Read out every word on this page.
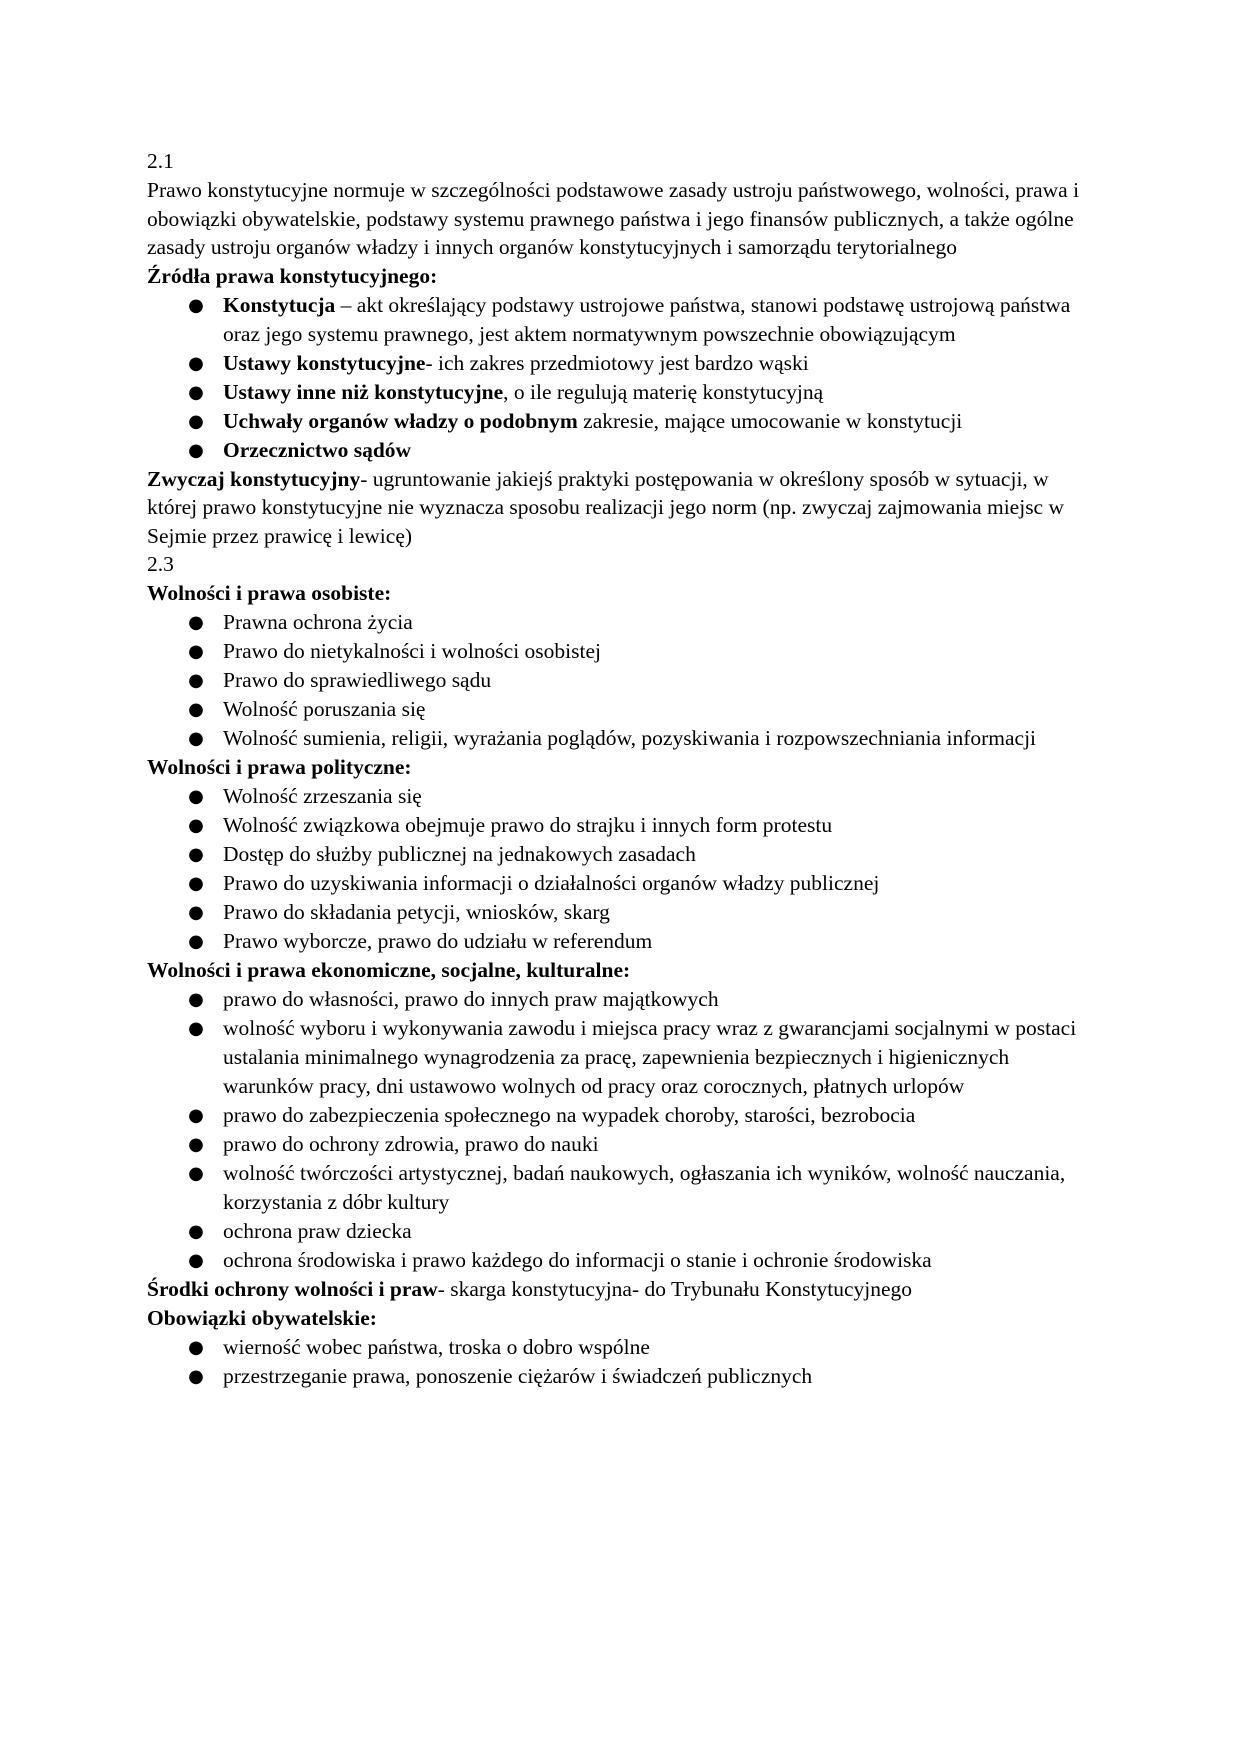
2.1

Prawo konstytucyjne normuje w szczególności podstawowe zasady ustroju państwowego, wolności, prawa i obowiązki obywatelskie, podstawy systemu prawnego państwa i jego finansów publicznych, a także ogólne zasady ustroju organów władzy i innych organów konstytucyjnych i samorządu terytorialnego

Źródła prawa konstytucyjnego:

● Konstytucja – akt określający podstawy ustrojowe państwa, stanowi podstawę ustrojową państwa oraz jego systemu prawnego, jest aktem normatywnym powszechnie obowiązującym
● Ustawy konstytucyjne- ich zakres przedmiotowy jest bardzo wąski
● Ustawy inne niż konstytucyjne, o ile regulują materię konstytucyjną
● Uchwały organów władzy o podobnym zakresie, mające umocowanie w konstytucji
● Orzecznictwo sądów

Zwyczaj konstytucyjny- ugruntowanie jakiejś praktyki postępowania w określony sposób w sytuacji, w której prawo konstytucyjne nie wyznacza sposobu realizacji jego norm (np. zwyczaj zajmowania miejsc w Sejmie przez prawicę i lewicę)

2.3

Wolności i prawa osobiste:

● Prawna ochrona życia
● Prawo do nietykalności i wolności osobistej
● Prawo do sprawiedliwego sądu
● Wolność poruszania się
● Wolność sumienia, religii, wyrażania poglądów, pozyskiwania i rozpowszechniania informacji

Wolności i prawa polityczne:

● Wolność zrzeszania się
● Wolność związkowa obejmuje prawo do strajku i innych form protestu
● Dostęp do służby publicznej na jednakowych zasadach
● Prawo do uzyskiwania informacji o działalności organów władzy publicznej
● Prawo do składania petycji, wniosków, skarg
● Prawo wyborcze, prawo do udziału w referendum

Wolności i prawa ekonomiczne, socjalne, kulturalne:

● prawo do własności, prawo do innych praw majątkowych
● wolność wyboru i wykonywania zawodu i miejsca pracy wraz z gwarancjami socjalnymi w postaci ustalania minimalnego wynagrodzenia za pracę, zapewnienia bezpiecznych i higienicznych warunków pracy, dni ustawowo wolnych od pracy oraz corocznych, płatnych urlopów
● prawo do zabezpieczenia społecznego na wypadek choroby, starości, bezrobocia
● prawo do ochrony zdrowia, prawo do nauki
● wolność twórczości artystycznej, badań naukowych, ogłaszania ich wyników, wolność nauczania, korzystania z dóbr kultury
● ochrona praw dziecka
● ochrona środowiska i prawo każdego do informacji o stanie i ochronie środowiska

Środki ochrony wolności i praw- skarga konstytucyjna- do Trybunału Konstytucyjnego

Obowiązki obywatelskie:

● wierność wobec państwa, troska o dobro wspólne
● przestrzeganie prawa, ponoszenie ciężarów i świadczeń publicznych
